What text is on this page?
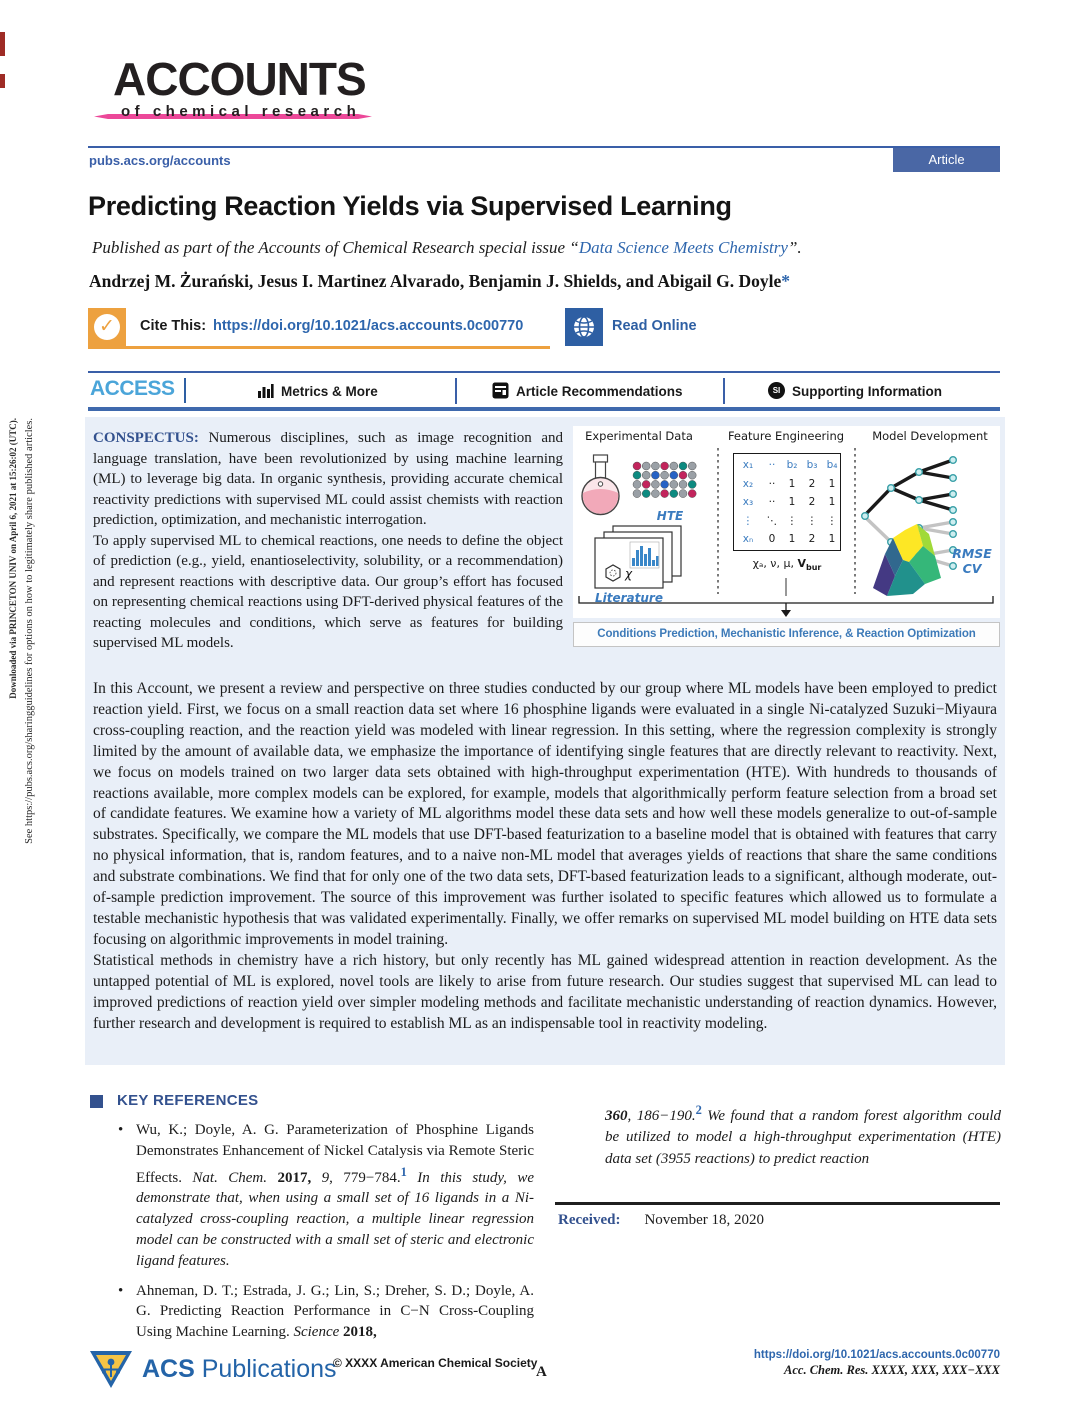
Downloaded via PRINCETON UNIV on April 6, 2021 at 15:26:02 (UTC). See https://pubs.acs.org/sharingguidelines for options on how to legitimately share published articles.
ACCOUNTS
of chemical research
Article
pubs.acs.org/accounts
Predicting Reaction Yields via Supervised Learning
Published as part of the Accounts of Chemical Research special issue “Data Science Meets Chemistry”.
Andrzej M. Żurański, Jesus I. Martinez Alvarado, Benjamin J. Shields, and Abigail G. Doyle*
✓	Cite This: https://doi.org/10.1021/acs.accounts.0c00770	Read Online
ACCESS	Metrics & More	Article Recommendations	SI Supporting Information

CONSPECTUS: Numerous disciplines, such as image recognition and language translation, have been revolutionized by using machine learning (ML) to leverage big data. In organic synthesis, providing accurate chemical reactivity predictions with supervised ML could assist chemists with reaction prediction, optimization, and mechanistic interrogation.

To apply supervised ML to chemical reactions, one needs to define the object of prediction (e.g., yield, enantioselectivity, solubility, or a recommendation) and represent reactions with descriptive data. Our group’s effort has focused on representing chemical reactions using DFT-derived physical features of the reacting molecules and conditions, which serve as features for building supervised ML models.

Experimental Data	Feature Engineering Model Development
HTE
χ
Literature
RMSE
CV
x₁	··	b₂ b₃ b₄
x₂	··	1	2	1
x₃	··	1	2	1
⋮	⋱ ⋮ ⋮ ⋮
xₙ	0	1	2	1
χₐ, ν, μ, $V_{bur}$
Conditions Prediction, Mechanistic Inference, & Reaction Optimization

In this Account, we present a review and perspective on three studies conducted by our group where ML models have been employed to predict reaction yield. First, we focus on a small reaction data set where 16 phosphine ligands were evaluated in a single Ni-catalyzed Suzuki−Miyaura cross-coupling reaction, and the reaction yield was modeled with linear regression. In this setting, where the regression complexity is strongly limited by the amount of available data, we emphasize the importance of identifying single features that are directly relevant to reactivity. Next, we focus on models trained on two larger data sets obtained with high-throughput experimentation (HTE). With hundreds to thousands of reactions available, more complex models can be explored, for example, models that algorithmically perform feature selection from a broad set of candidate features. We examine how a variety of ML algorithms model these data sets and how well these models generalize to out-of-sample substrates. Specifically, we compare the ML models that use DFT-based featurization to a baseline model that is obtained with features that carry no physical information, that is, random features, and to a naive non-ML model that averages yields of reactions that share the same conditions and substrate combinations. We find that for only one of the two data sets, DFT-based featurization leads to a significant, although moderate, out-of-sample prediction improvement. The source of this improvement was further isolated to specific features which allowed us to formulate a testable mechanistic hypothesis that was validated experimentally. Finally, we offer remarks on supervised ML model building on HTE data sets focusing on algorithmic improvements in model training.

Statistical methods in chemistry have a rich history, but only recently has ML gained widespread attention in reaction development. As the untapped potential of ML is explored, novel tools are likely to arise from future research. Our studies suggest that supervised ML can lead to improved predictions of reaction yield over simpler modeling methods and facilitate mechanistic understanding of reaction dynamics. However, further research and development is required to establish ML as an indispensable tool in reactivity modeling.

KEY REFERENCES
• Wu, K.; Doyle, A. G. Parameterization of Phosphine Ligands Demonstrates Enhancement of Nickel Catalysis via Remote Steric Effects. Nat. Chem. 2017, 9, 779−784.$^1$ In this study, we demonstrate that, when using a small set of 16 ligands in a Ni-catalyzed cross-coupling reaction, a multiple linear regression model can be constructed with a small set of steric and electronic ligand features.
• Ahneman, D. T.; Estrada, J. G.; Lin, S.; Dreher, S. D.; Doyle, A. G. Predicting Reaction Performance in C−N Cross-Coupling Using Machine Learning. Science 2018,
360, 186−190.$^2$ We found that a random forest algorithm could be utilized to model a high-throughput experimentation (HTE) data set (3955 reactions) to predict reaction
Received: November 18, 2020
ACS Publications
© XXXX American Chemical Society
A
https://doi.org/10.1021/acs.accounts.0c00770
Acc. Chem. Res. XXXX, XXX, XXX−XXX
